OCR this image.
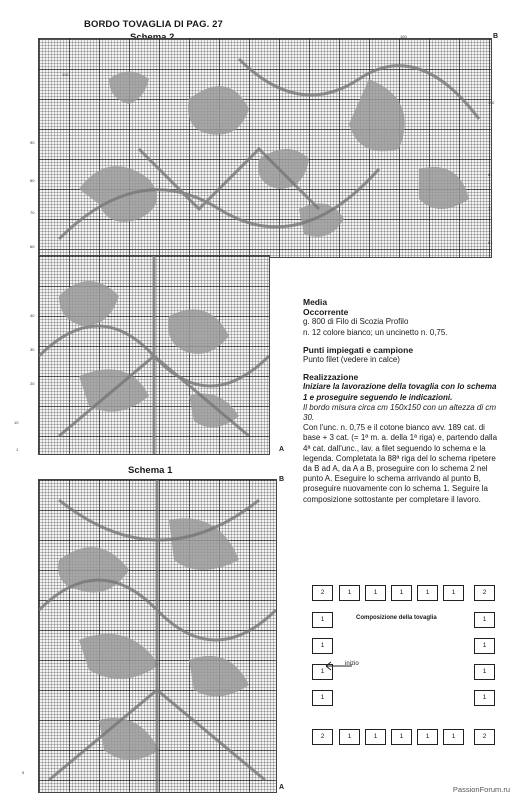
BORDO TOVAGLIA DI PAG. 27
110
90
80
70
60
40
30
20
10
1
100
110
81
71
61
B
A
Schema 1
5
B
A
Media
Occorrente
g. 800 di Filo di Scozia Profilo
n. 12 colore bianco; un uncinetto n. 0,75.
Punti impiegati e campione
Punto filet (vedere in calce)
Realizzazione
Iniziare la lavorazione della tovaglia con lo schema 1 e proseguire seguendo le indicazioni.
Il bordo misura circa cm 150x150 con un altezza di cm 30.
Con l'unc. n. 0,75 e il cotone bianco avv. 189 cat. di base + 3 cat. (= 1ª m. a. della 1ª riga) e, partendo dalla 4ª cat. dall'unc., lav. a filet seguendo lo schema e la legenda. Completata la 88ª riga del lo schema ripetere da B ad A, da A a B, proseguire con lo schema 2 nel punto A. Eseguire lo schema arrivando al punto B, proseguire nuovamente con lo schema 1. Seguire la composizione sottostante per completare il lavoro.
2	1	1	1	1	1	2
1
1
1
1
1
1
1
1
2	1	1	1	1	1	2
Composizione della tovaglia
inizio
PassionForum.ru
